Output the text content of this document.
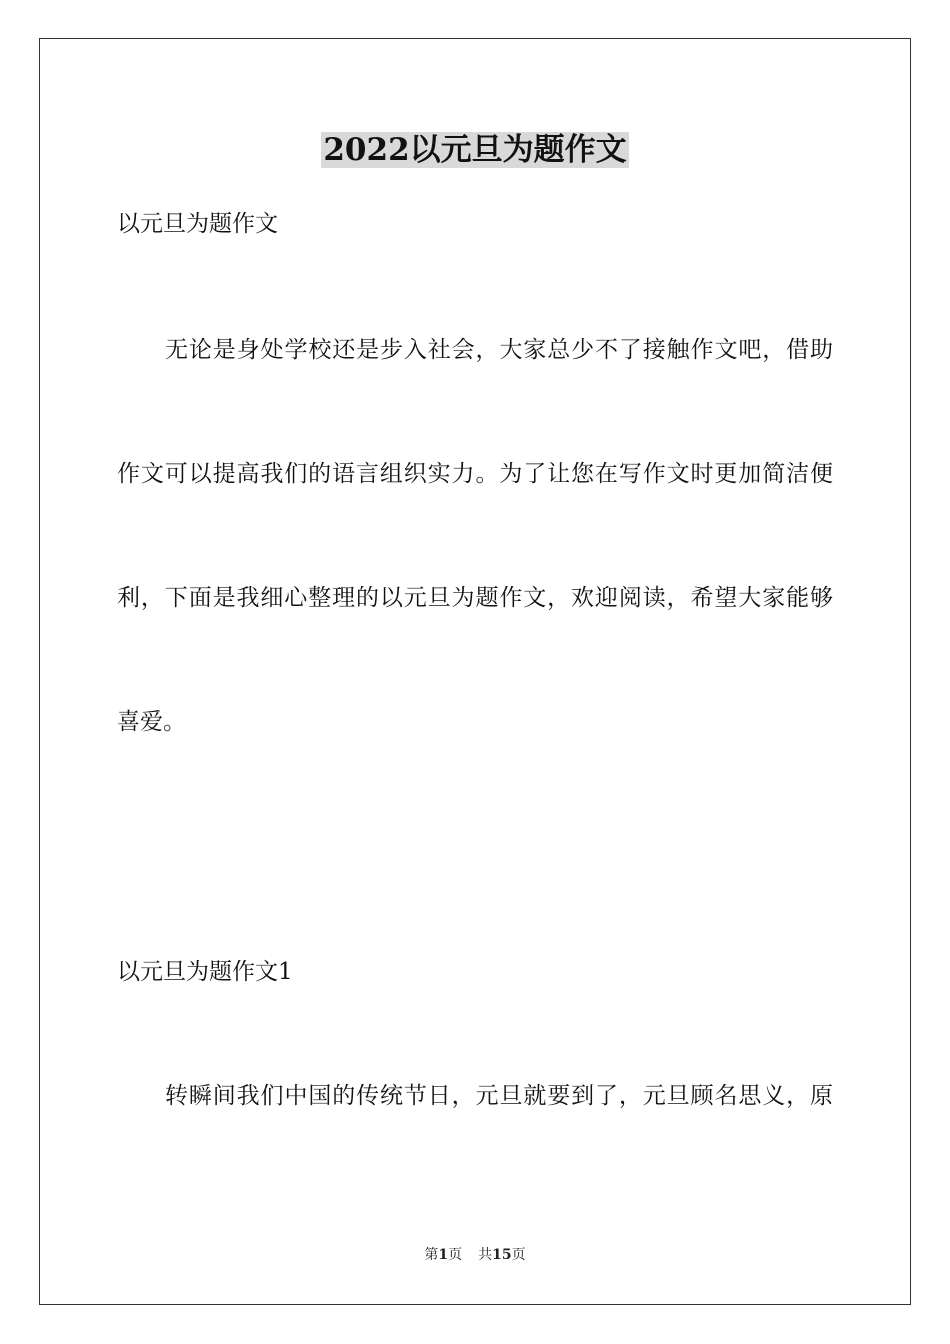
2022以元旦为题作文
以元旦为题作文
无论是身处学校还是步入社会，大家总少不了接触作文吧，借助
作文可以提高我们的语言组织实力。为了让您在写作文时更加简洁便
利，下面是我细心整理的以元旦为题作文，欢迎阅读，希望大家能够
喜爱。
以元旦为题作文1
转瞬间我们中国的传统节日，元旦就要到了，元旦顾名思义，原
第1页 共15页
